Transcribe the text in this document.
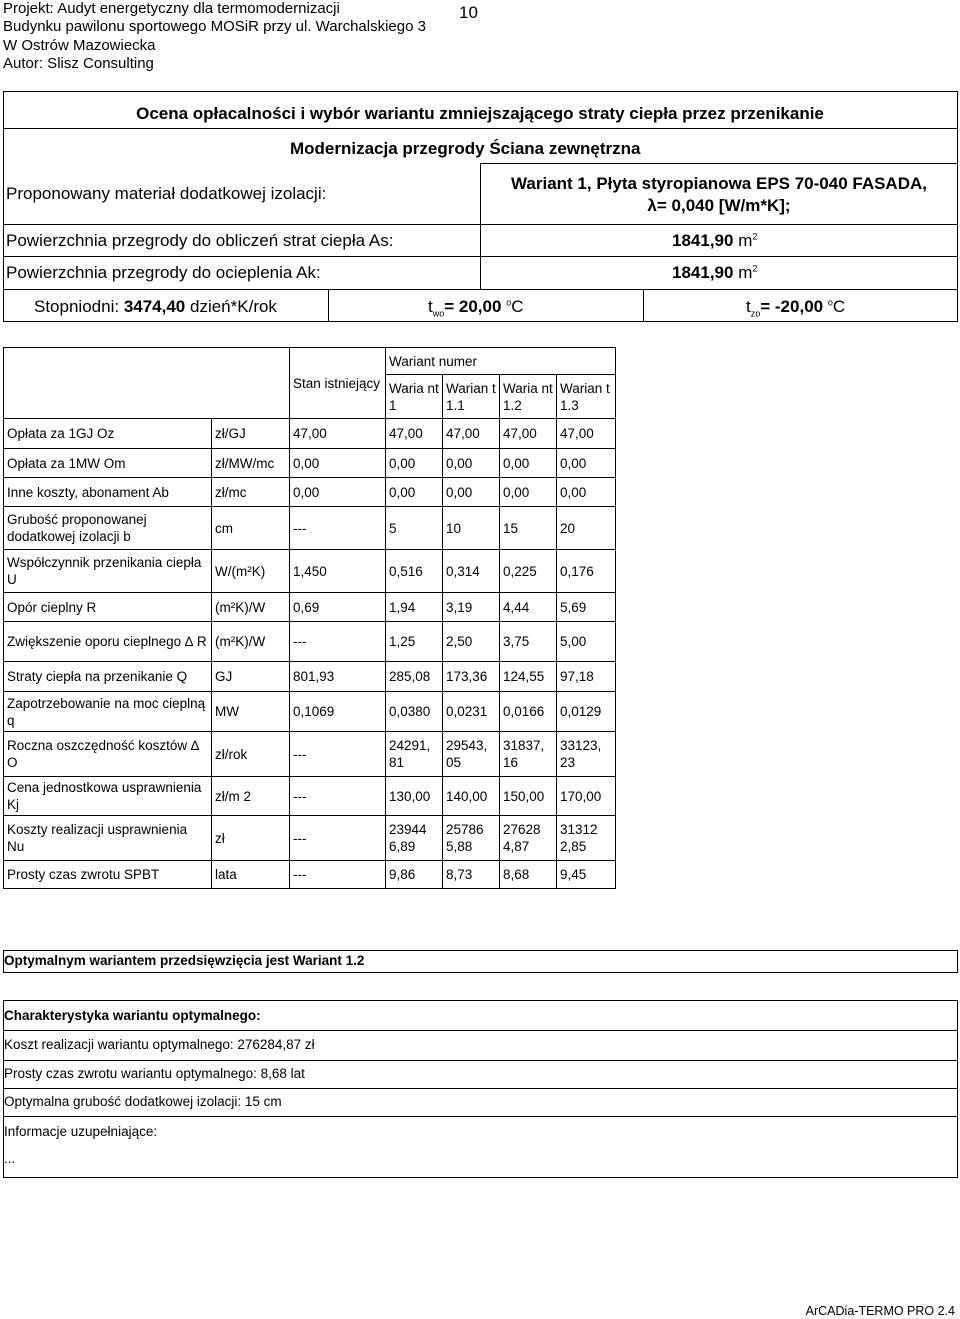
Projekt: Audyt energetyczny dla termomodernizacji
Budynku pawilonu sportowego MOSiR przy ul. Warchalskiego 3
W Ostrów Mazowiecka
Autor: Slisz Consulting
10
Ocena opłacalności i wybór wariantu zmniejszającego straty ciepła przez przenikanie
Modernizacja przegrody Ściana zewnętrzna
Proponowany materiał dodatkowej izolacji:
Wariant 1, Płyta styropianowa EPS 70-040 FASADA,
λ= 0,040 [W/m*K];
Powierzchnia przegrody do obliczeń strat ciepła As:	1841,90 $m^2$
Powierzchnia przegrody do ocieplenia Ak:	1841,90 $m^2$
Stopniodni: 3474,40 dzień*K/rok	$t_{wo}= 20,00$ $^o$C	$t_{zo}= -20,00$ $^o$C
		Stan istniejący	Wariant numer			
			Waria nt 1	Warian t 1.1	Waria nt 1.2	Warian t 1.3
Opłata za 1GJ Oz	zł/GJ	47,00	47,00	47,00	47,00	47,00
Opłata za 1MW Om	zł/MW/mc	0,00	0,00	0,00	0,00	0,00
Inne koszty, abonament Ab	zł/mc	0,00	0,00	0,00	0,00	0,00
Grubość proponowanej dodatkowej izolacji b	cm	---	5	10	15	20
Współczynnik przenikania ciepła U	W/(m²K)	1,450	0,516	0,314	0,225	0,176
Opór cieplny R	(m²K)/W	0,69	1,94	3,19	4,44	5,69
Zwiększenie oporu cieplnego ∆ R	(m²K)/W	---	1,25	2,50	3,75	5,00
Straty ciepła na przenikanie Q	GJ	801,93	285,08	173,36	124,55	97,18
Zapotrzebowanie na moc cieplną q	MW	0,1069	0,0380	0,0231	0,0166	0,0129
Roczna oszczędność kosztów ∆ O	zł/rok	---	24291, 81	29543, 05	31837, 16	33123, 23
Cena jednostkowa usprawnienia Kj	zł/m 2	---	130,00	140,00	150,00	170,00
Koszty realizacji usprawnienia Nu	zł	---	23944 6,89	25786 5,88	27628 4,87	31312 2,85
Prosty czas zwrotu SPBT	lata	---	9,86	8,73	8,68	9,45
Optymalnym wariantem przedsięwzięcia jest Wariant 1.2
Charakterystyka wariantu optymalnego:
Koszt realizacji wariantu optymalnego: 276284,87 zł
Prosty czas zwrotu wariantu optymalnego: 8,68 lat
Optymalna grubość dodatkowej izolacji: 15 cm
Informacje uzupełniające:
...
ArCADia-TERMO PRO 2.4
